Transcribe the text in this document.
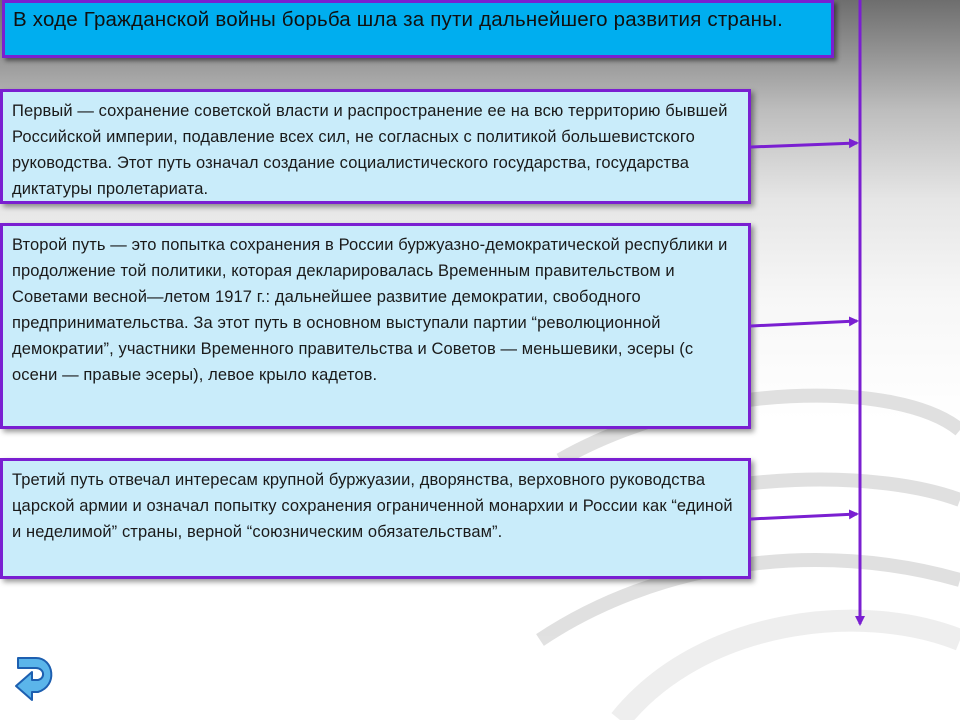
В ходе Гражданской войны борьба шла за пути дальнейшего развития страны.
Первый — сохранение советской власти и распространение ее на всю территорию бывшей Российской империи, подавление всех сил, не согласных с политикой большевистского руководства. Этот путь означал создание социалистического государства, государства диктатуры пролетариата.
Второй путь — это попытка сохранения в России буржуазно-демократической республики и продолжение той политики, которая декларировалась Временным правительством и Советами весной—летом 1917 г.: дальнейшее развитие демократии, свободного предпринимательства. За этот путь в основном выступали партии “революционной демократии”, участники Временного правительства и Советов — меньшевики, эсеры (с осени — правые эсеры), левое крыло кадетов.
Третий путь отвечал интересам крупной буржуазии, дворянства, верховного руководства царской армии и означал попытку сохранения ограниченной монархии и России как “единой и неделимой” страны, верной “союзническим обязательствам”.
